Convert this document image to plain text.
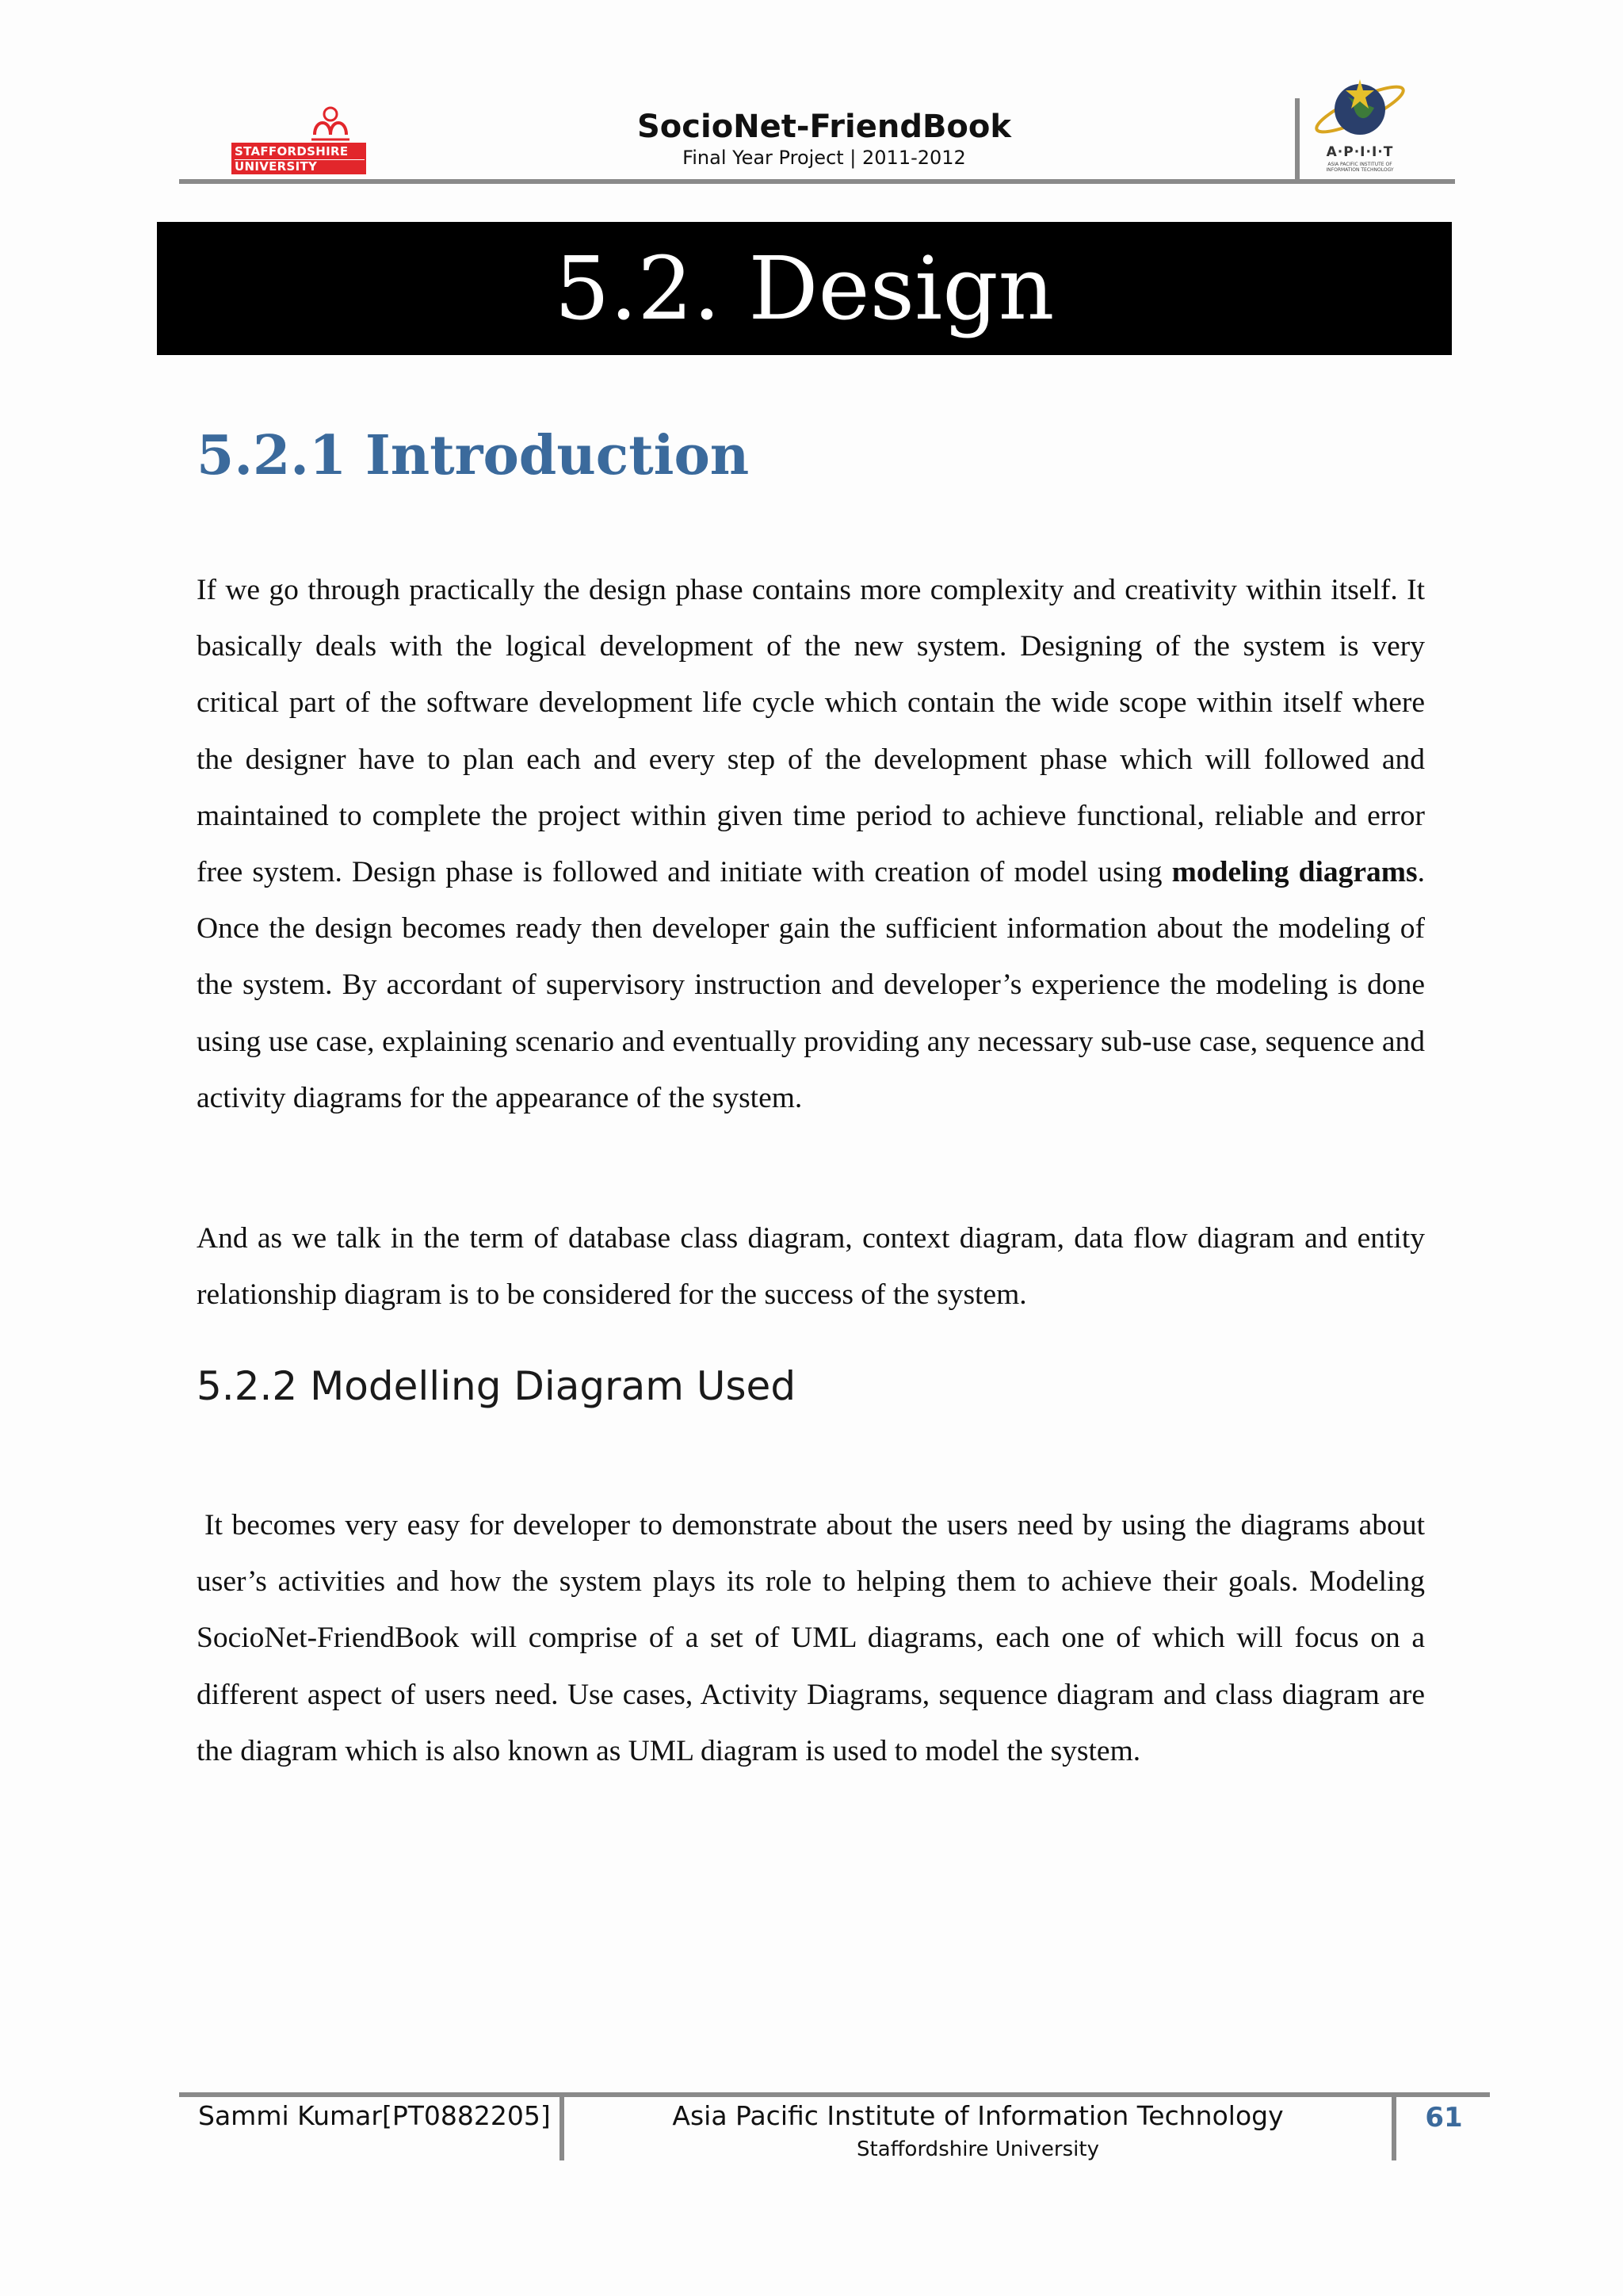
STAFFORDSHIRE
UNIVERSITY
SocioNet-FriendBook
Final Year Project | 2011-2012	A·P·I·I·T
ASIA PACIFIC INSTITUTE OF INFORMATION TECHNOLOGY
5.2. Design
5.2.1 Introduction
If we go through practically the design phase contains more complexity and creativity within itself. It basically deals with the logical development of the new system. Designing of the system is very critical part of the software development life cycle which contain the wide scope within itself where the designer have to plan each and every step of the development phase which will followed and maintained to complete the project within given time period to achieve functional, reliable and error free system. Design phase is followed and initiate with creation of model using modeling diagrams. Once the design becomes ready then developer gain the sufficient information about the modeling of the system. By accordant of supervisory instruction and developer’s experience the modeling is done using use case, explaining scenario and eventually providing any necessary sub-use case, sequence and activity diagrams for the appearance of the system.
And as we talk in the term of database class diagram, context diagram, data flow diagram and entity relationship diagram is to be considered for the success of the system.
5.2.2 Modelling Diagram Used
It becomes very easy for developer to demonstrate about the users need by using the diagrams about user’s activities and how the system plays its role to helping them to achieve their goals. Modeling SocioNet-FriendBook will comprise of a set of UML diagrams, each one of which will focus on a different aspect of users need. Use cases, Activity Diagrams, sequence diagram and class diagram are the diagram which is also known as UML diagram is used to model the system.
Sammi Kumar[PT0882205]	Asia Pacific Institute of Information Technology
Staffordshire University
61
